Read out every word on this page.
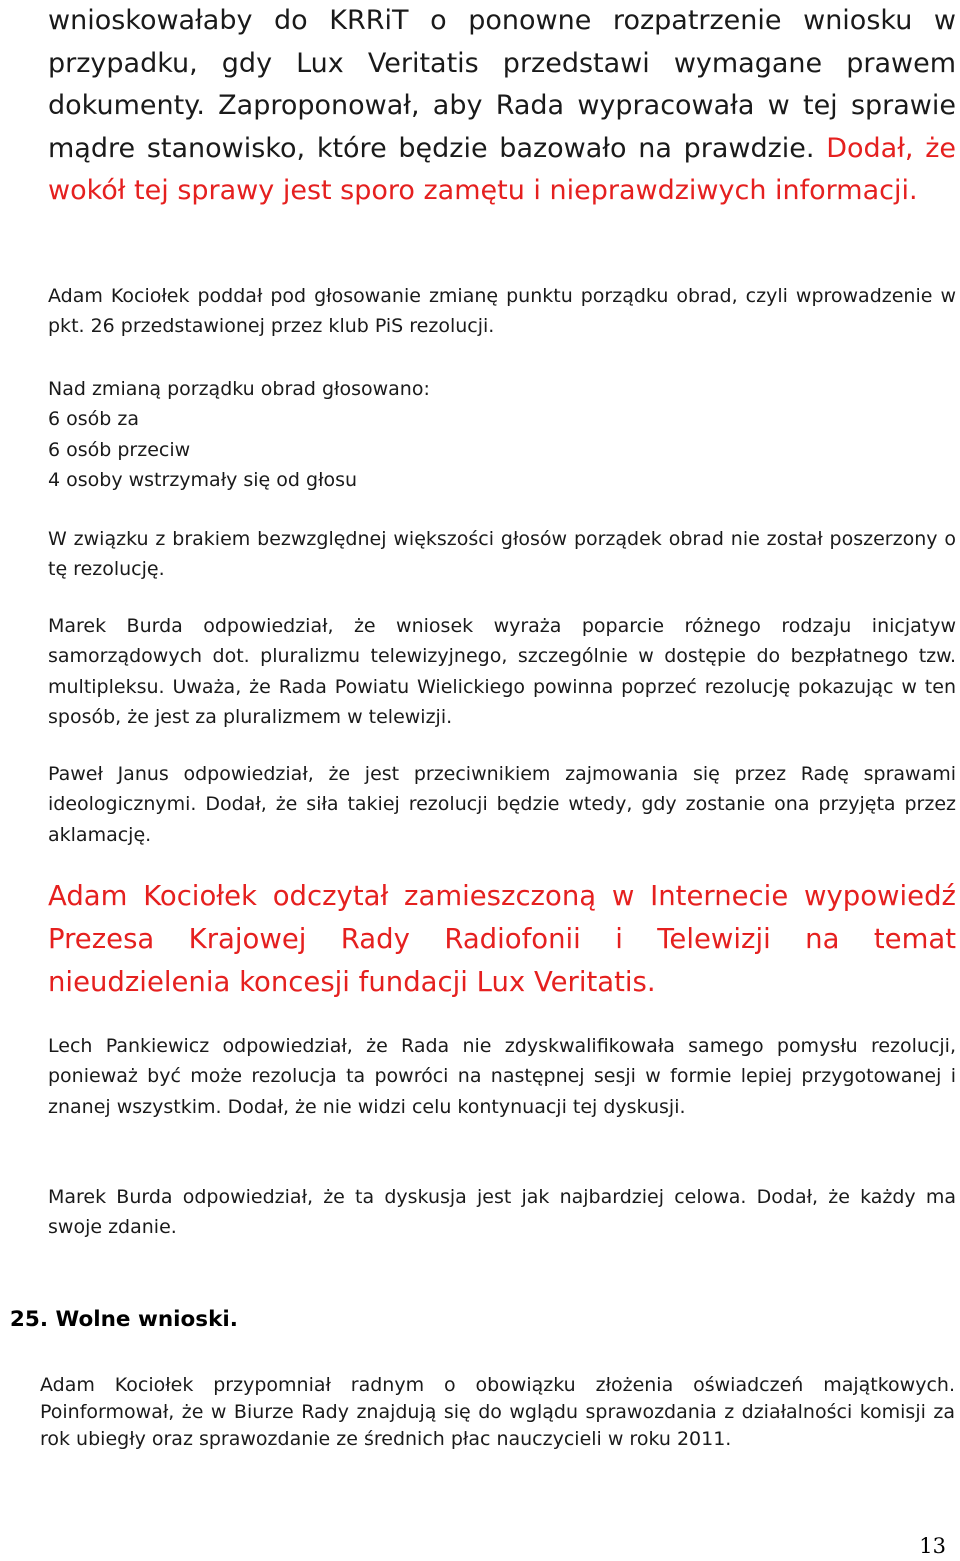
wnioskowałaby do KRRiT o ponowne rozpatrzenie wniosku w przypadku, gdy Lux Veritatis przedstawi wymagane prawem dokumenty. Zaproponował, aby Rada wypracowała w tej sprawie mądre stanowisko, które będzie bazowało na prawdzie. Dodał, że wokół tej sprawy jest sporo zamętu i nieprawdziwych informacji.

Adam Kociołek poddał pod głosowanie zmianę punktu porządku obrad, czyli wprowadzenie w pkt. 26 przedstawionej przez klub PiS rezolucji.

Nad zmianą porządku obrad głosowano:
6 osób za
6 osób przeciw
4 osoby wstrzymały się od głosu

W związku z brakiem bezwzględnej większości głosów porządek obrad nie został poszerzony o tę rezolucję.

Marek Burda odpowiedział, że wniosek wyraża poparcie różnego rodzaju inicjatyw samorządowych dot. pluralizmu telewizyjnego, szczególnie w dostępie do bezpłatnego tzw. multipleksu. Uważa, że Rada Powiatu Wielickiego powinna poprzeć rezolucję pokazując w ten sposób, że jest za pluralizmem w telewizji.

Paweł Janus odpowiedział, że jest przeciwnikiem zajmowania się przez Radę sprawami ideologicznymi. Dodał, że siła takiej rezolucji będzie wtedy, gdy zostanie ona przyjęta przez aklamację.

Adam Kociołek odczytał zamieszczoną w Internecie wypowiedź Prezesa Krajowej Rady Radiofonii i Telewizji na temat nieudzielenia koncesji fundacji Lux Veritatis.

Lech Pankiewicz odpowiedział, że Rada nie zdyskwalifikowała samego pomysłu rezolucji, ponieważ być może rezolucja ta powróci na następnej sesji w formie lepiej przygotowanej i znanej wszystkim. Dodał, że nie widzi celu kontynuacji tej dyskusji.

Marek Burda odpowiedział, że ta dyskusja jest jak najbardziej celowa. Dodał, że każdy ma swoje zdanie.

25. Wolne wnioski.

Adam Kociołek przypomniał radnym o obowiązku złożenia oświadczeń majątkowych. Poinformował, że w Biurze Rady znajdują się do wglądu sprawozdania z działalności komisji za rok ubiegły oraz sprawozdanie ze średnich płac nauczycieli w roku 2011.

13
